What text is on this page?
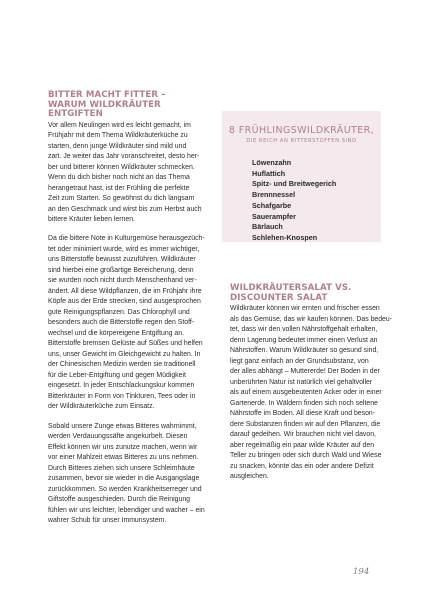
BITTER MACHT FITTER –
WARUM WILDKRÄUTER ENTGIFTEN
Vor allem Neulingen wird es leicht gemacht, im
Frühjahr mit dem Thema Wildkräuterküche zu
starten, denn junge Wildkräuter sind mild und
zart. Je weiter das Jahr voranschreitet, desto her-
ber und bitterer können Wildkräuter schmecken.
Wenn du dich bisher noch nicht an das Thema
herangetraut hast, ist der Frühling die perfekte
Zeit zum Starten. So gewöhnst du dich langsam
an den Geschmack und wirst bis zum Herbst auch
bittere Kräuter lieben lernen.
Da die bittere Note in Kulturgemüse herausgezüch-
tet oder minimiert wurde, wird es immer wichtiger,
uns Bitterstoffe bewusst zuzuführen. Wildkräuter
sind hierbei eine großartige Bereicherung, denn
sie wurden noch nicht durch Menschenhand ver-
ändert. All diese Wildpflanzen, die im Frühjahr ihre
Köpfe aus der Erde strecken, sind ausgesprochen
gute Reinigungspflanzen. Das Chlorophyll und
besonders auch die Bitterstoffe regen den Stoff-
wechsel und die körpereigene Entgiftung an.
Bitterstoffe bremsen Gelüste auf Süßes und helfen
uns, unser Gewicht im Gleichgewicht zu halten. In
der Chinesischen Medizin werden sie traditionell
für die Leber-Entgiftung und gegen Müdigkeit
eingesetzt. In jeder Entschlackungskur kommen
Bitterkräuter in Form von Tinkturen, Tees oder in
der Wildkräuterküche zum Einsatz.
Sobald unsere Zunge etwas Bitteres wahrnimmt,
werden Verdauungssäfte angekurbelt. Diesen
Effekt können wir uns zunutze machen, wenn wir
vor einer Mahlzeit etwas Bitteres zu uns nehmen.
Durch Bitteres ziehen sich unsere Schleimhäute
zusammen, bevor sie wieder in die Ausgangslage
zurückkommen. So werden Krankheitserreger und
Giftstoffe ausgeschieden. Durch die Reinigung
fühlen wir uns leichter, lebendiger und wacher – ein
wahrer Schub für unser Immunsystem.
8 FRÜHLINGSWILDKRÄUTER,
DIE REICH AN BITTERSTOFFEN SIND
Löwenzahn
Huflattich
Spitz- und Breitwegerich
Brennnessel
Schafgarbe
Sauerampfer
Bärlauch
Schlehen-Knospen
WILDKRÄUTERSALAT VS.
DISCOUNTER SALAT
Wildkräuter können wir ernten und frischer essen
als das Gemüse, das wir kaufen können. Das bedeu-
tet, dass wir den vollen Nährstoffgehalt erhalten,
denn Lagerung bedeutet immer einen Verlust an
Nährstoffen. Warum Wildkräuter so gesund sind,
liegt ganz einfach an der Grundsubstanz, von
der alles abhängt – Muttererde! Der Boden in der
unberührten Natur ist natürlich viel gehaltvoller
als auf einem ausgebeutenten Acker oder in einer
Gartenerde. In Wäldern finden sich noch seltene
Nährstoffe im Boden. All diese Kraft und beson-
dere Substanzen finden wir auf den Pflanzen, die
darauf gedeihen. Wir brauchen nicht viel davon,
aber regelmäßig ein paar wilde Kräuter auf den
Teller zu bringen oder sich durch Wald und Wiese
zu snacken, könnte das ein oder andere Defizit
ausgleichen.
194
